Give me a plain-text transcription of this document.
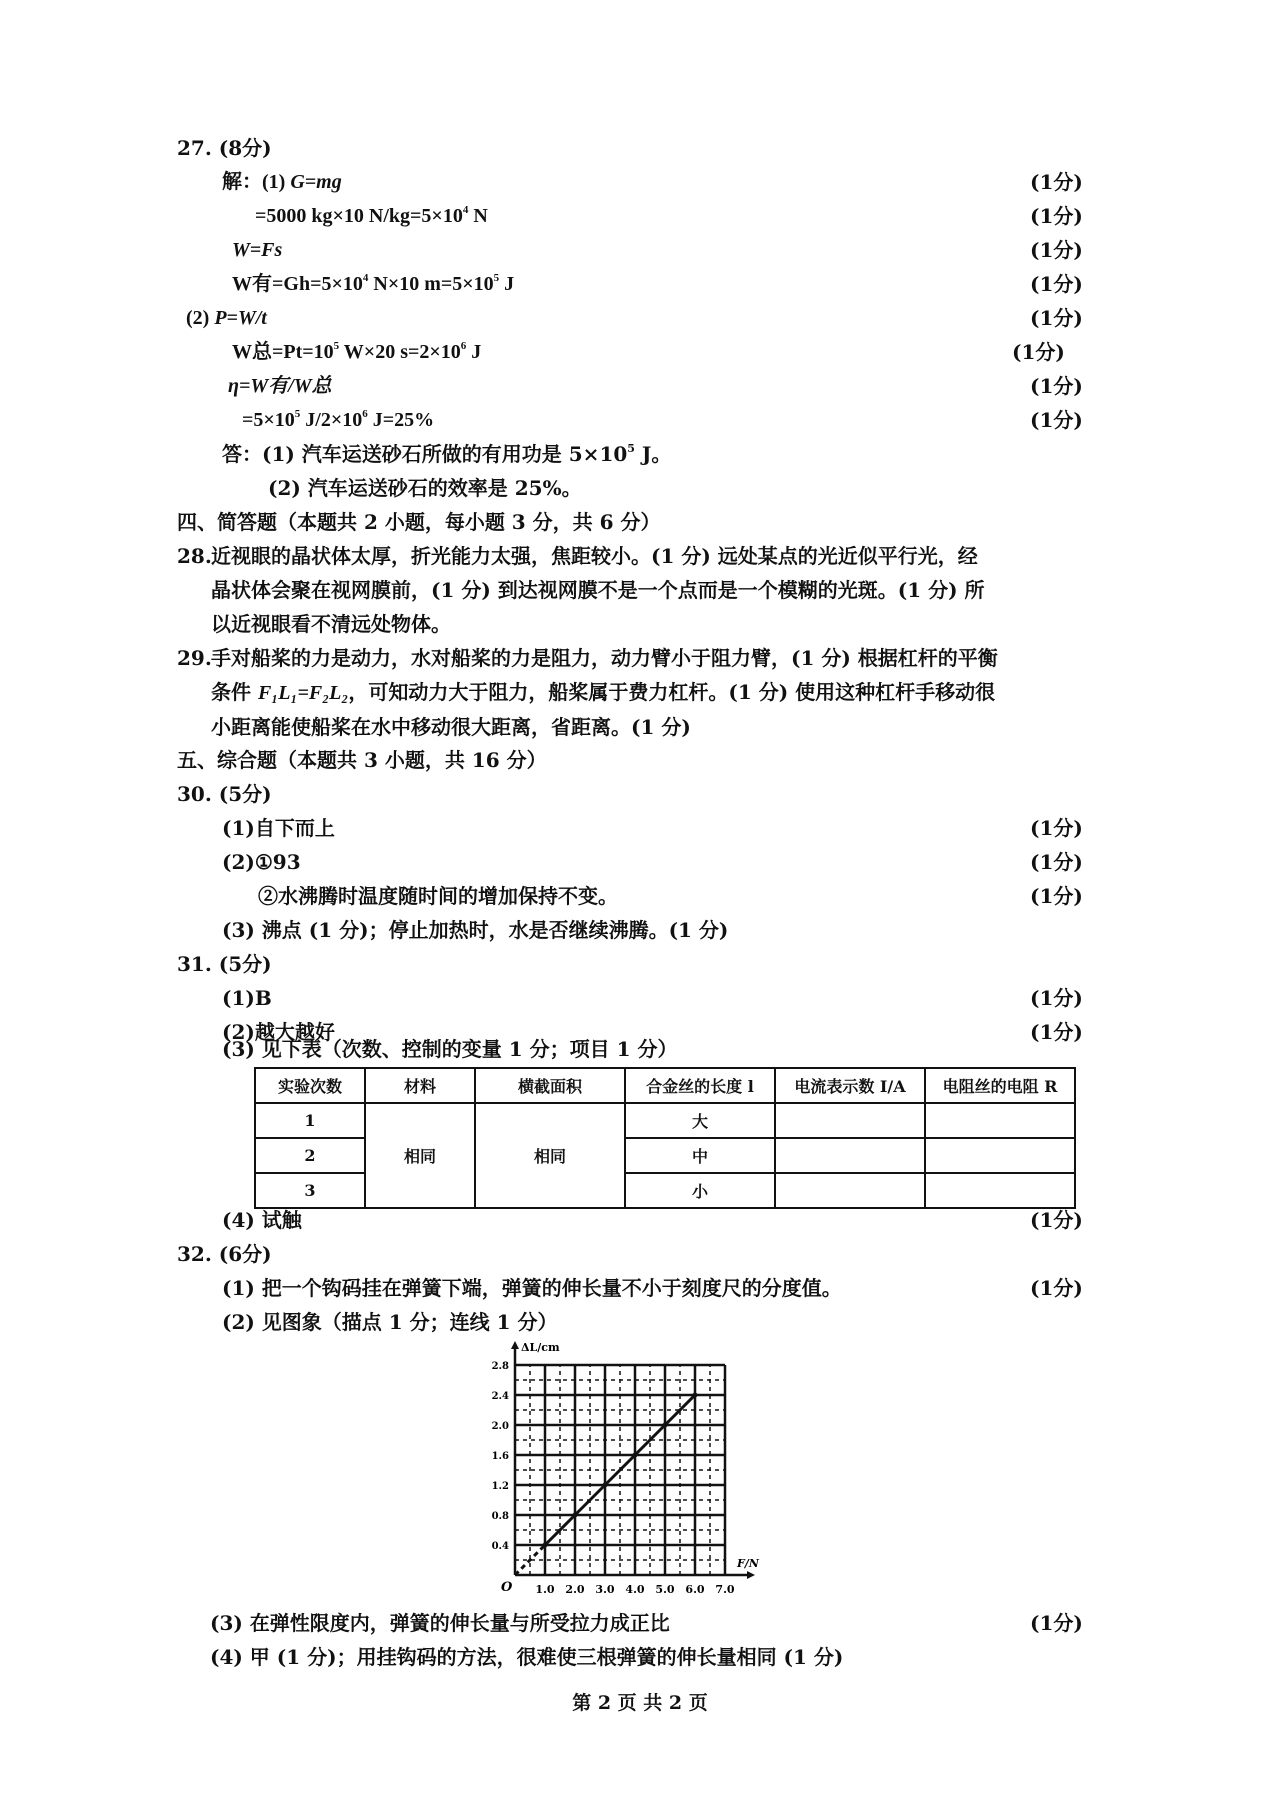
27. (8分)
解：(1) G=mg	(1分)
=5000 kg×10 $N/kg=5\times 10^4$ N	(1分)
W=Fs	(1分)
W有$=Gh=5\times 10^4$ N×10 $m=5\times 10^5$ J	(1分)
(2) P=W/t	(1分)
W总$=Pt=10^5$ W×20 $s=2\times 10^6$ J	(1分)
η=W有/W总	(1分)
$=5\times 10^5$ $J/2\times 10^6$ J=25%	(1分)
答：(1) 汽车运送砂石所做的有用功是 $5\times 10^5$ J。
(2) 汽车运送砂石的效率是 25%。
四、简答题（本题共 2 小题，每小题 3 分，共 6 分）
28.近视眼的晶状体太厚，折光能力太强，焦距较小。(1 分) 远处某点的光近似平行光，经
晶状体会聚在视网膜前，(1 分) 到达视网膜不是一个点而是一个模糊的光斑。(1 分) 所
以近视眼看不清远处物体。
29.手对船桨的力是动力，水对船桨的力是阻力，动力臂小于阻力臂，(1 分) 根据杠杆的平衡
条件 F₁L₁=F₂L₂，可知动力大于阻力，船桨属于费力杠杆。(1 分) 使用这种杠杆手移动很
小距离能使船桨在水中移动很大距离，省距离。(1 分)
五、综合题（本题共 3 小题，共 16 分）
30. (5分)
(1)自下而上	(1分)
(2)①93	(1分)
②水沸腾时温度随时间的增加保持不变。	(1分)
(3) 沸点 (1 分)；停止加热时，水是否继续沸腾。(1 分)
31. (5分)
(1)B	(1分)
(2)越大越好	(1分)
(3) 见下表（次数、控制的变量 1 分；项目 1 分）
实验次数	材料	横截面积	合金丝的长度 l	电流表示数 I/A	电阻丝的电阻 R
1	相同	相同	大		
2			中		
3			小		
(4) 试触	(1分)
32. (6分)
(1) 把一个钩码挂在弹簧下端，弹簧的伸长量不小于刻度尺的分度值。	(1分)
(2) 见图象（描点 1 分；连线 1 分）
1.0 2.0 3.0 4.0 5.0 6.0 7.0
0.4
0.8
1.2
1.6
2.0
2.4
2.8
F/N
ΔL/cm
O
(3) 在弹性限度内，弹簧的伸长量与所受拉力成正比	(1分)
(4) 甲 (1 分)；用挂钩码的方法，很难使三根弹簧的伸长量相同 (1 分)
第 2 页 共 2 页
